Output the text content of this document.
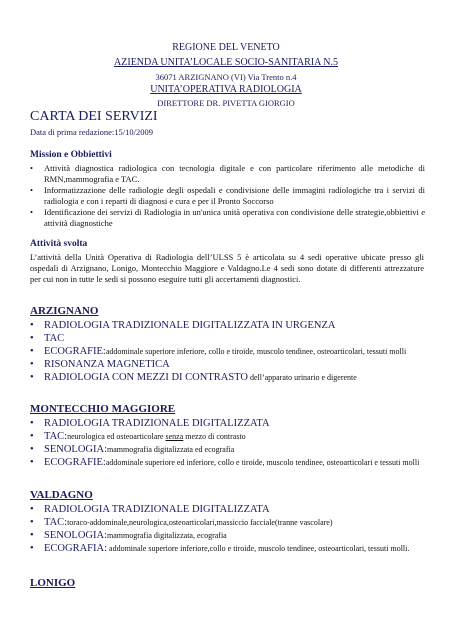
REGIONE DEL VENETO
AZIENDA UNITA’LOCALE SOCIO-SANITARIA N.5
36071 ARZIGNANO (VI) Via Trento n.4
UNITA’OPERATIVA RADIOLOGIA
DIRETTORE DR. PIVETTA GIORGIO
CARTA DEI SERVIZI
Data di prima redazione:15/10/2009
Mission e Obbiettivi
• Attività diagnostica radiologica con tecnologia digitale e con particolare riferimento alle metodiche di RMN,mammografia e TAC.
• Informatizzazione delle radiologie degli ospedali e condivisione delle immagini radiologiche tra i servizi di radiologia e con i reparti di diagnosi e cura e per il Pronto Soccorso
• Identificazione dei servizi di Radiologia in un'unica unità operativa con condivisione delle strategie,obbiettivi e attività diagnostiche
Attività svolta
L’attività della Unità Operativa di Radiologia dell’ULSS 5 è articolata su 4 sedi operative ubicate presso gli ospedali di Arzignano, Lonigo, Montecchio Maggiore e Valdagno.Le 4 sedi sono dotate di differenti attrezzature per cui non in tutte le sedi si possono eseguire tutti gli accertamenti diagnostici.
ARZIGNANO
• RADIOLOGIA TRADIZIONALE DIGITALIZZATA IN URGENZA
• TAC
• ECOGRAFIE:addominale superiore inferiore, collo e tiroide, muscolo tendinee, osteoarticolari, tessuti molli
• RISONANZA MAGNETICA
• RADIOLOGIA CON MEZZI DI CONTRASTO dell’apparato urinario e digerente
MONTECCHIO MAGGIORE
• RADIOLOGIA TRADIZIONALE DIGITALIZZATA
• TAC:neurologica ed osteoarticolare senza mezzo di contrasto
• SENOLOGIA:mammografia digitalizzata ed ecografia
• ECOGRAFIE:addominale superiore ed inferiore, collo e tiroide, muscolo tendinee, osteoarticolari e tessuti molli
VALDAGNO
• RADIOLOGIA TRADIZIONALE DIGITALIZZATA
• TAC:toraco-addominale,neurologica,osteoarticolari,massiccio facciale(tranne vascolare)
• SENOLOGIA:mammografia digitalizzata, ecografia
• ECOGRAFIA: addominale superiore inferiore,collo e tiroide, muscolo tendinee, osteoarticolari, tessuti molli.
LONIGO
